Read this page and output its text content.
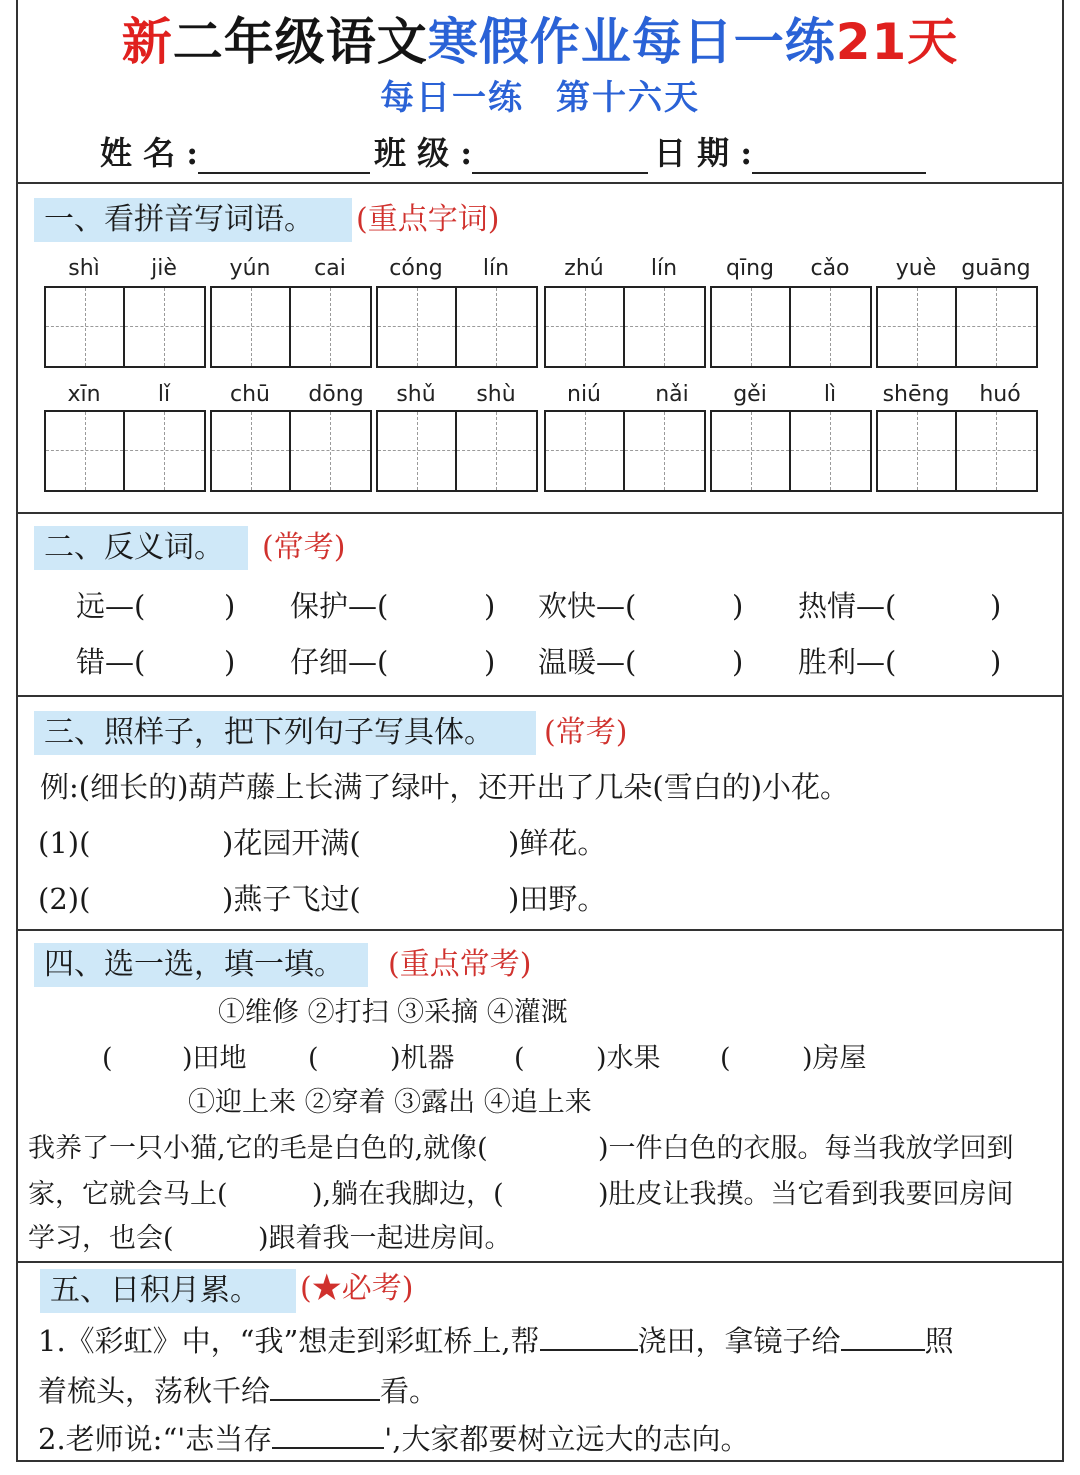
新二年级语文寒假作业每日一练21天
每日一练 第十六天
姓 名 :	班 级 :	日 期 :
一、看拼音写词语。	(重点字词)
shì	jiè	yún	cai	cóng	lín	zhú	lín	qīng	cǎo	yuè	guāng
xīn	lǐ	chū	dōng	shǔ	shù	niú	nǎi	gěi	lì	shēng	huó
二、反义词。	(常考)
远—(	) 保护—(	) 欢快—(	) 热情—(	)
错—(	) 仔细—(	) 温暖—(	) 胜利—(	)
三、照样子，把下列句子写具体。	(常考)
例:(细长的)葫芦藤上长满了绿叶，还开出了几朵(雪白的)小花。
(1)(	)花园开满(	)鲜花。
(2)(	)燕子飞过(	)田野。
四、选一选，填一填。	(重点常考)
①维修 ②打扫 ③采摘 ④灌溉
(	)田地 (	)机器 (	)水果 (	)房屋
①迎上来 ②穿着 ③露出 ④追上来
我养了一只小猫,它的毛是白色的,就像(	)一件白色的衣服。每当我放学回到
家，它就会马上(	),躺在我脚边，(	)肚皮让我摸。当它看到我要回房间
学习，也会(	)跟着我一起进房间。
五、日积月累。	(★必考)
1.《彩虹》中，“我”想走到彩虹桥上,帮	浇田，拿镜子给	照
着梳头，荡秋千给	看。
2.老师说:“'志当存	',大家都要树立远大的志向。
